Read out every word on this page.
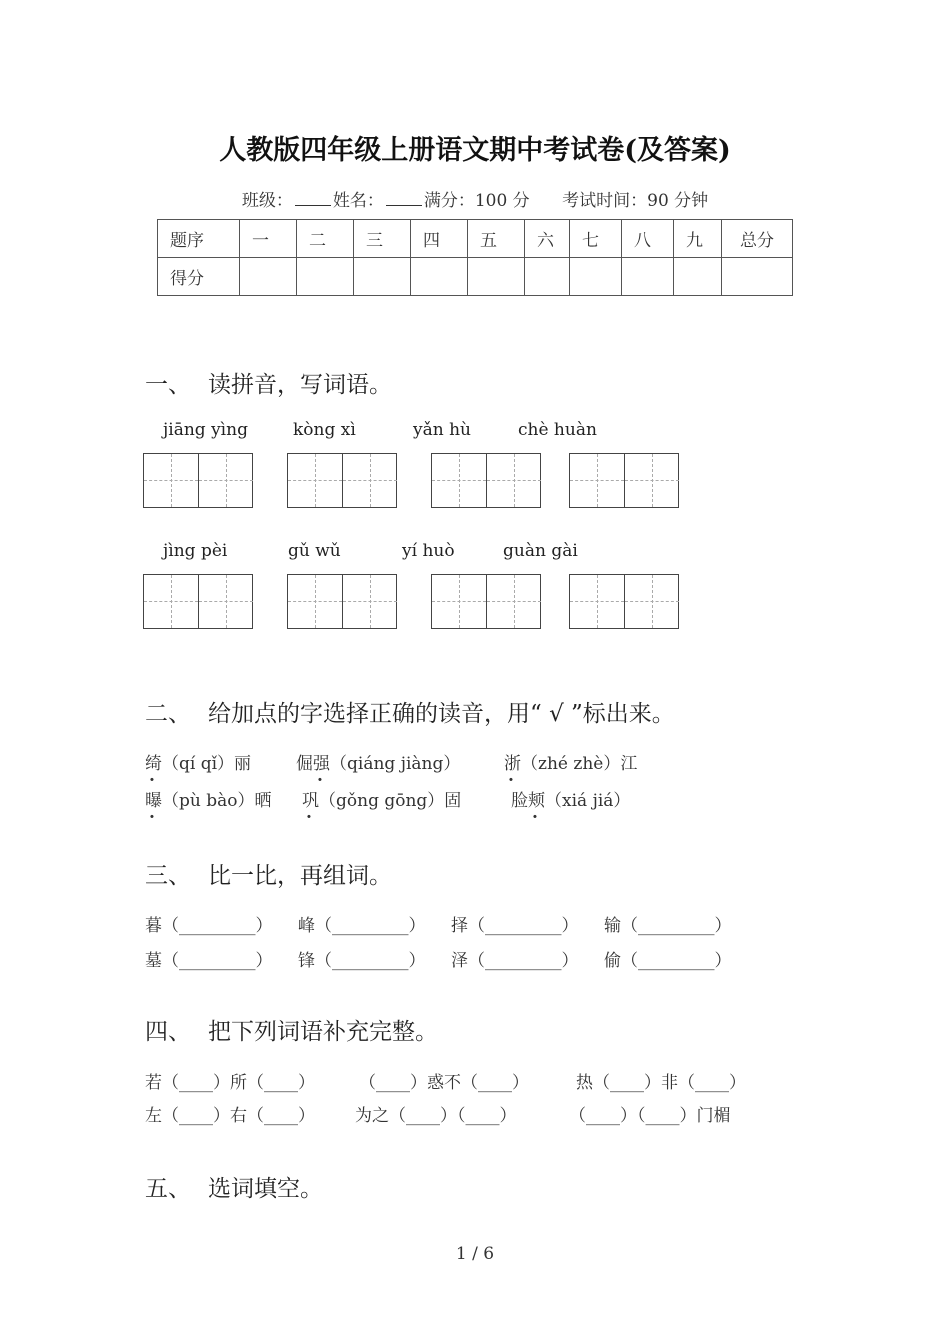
人教版四年级上册语文期中考试卷(及答案)
班级： 姓名： 满分：100 分 考试时间：90 分钟
题序	一	二	三	四	五	六	七	八	九	总分
得分										
一、 读拼音，写词语。
jiāng yìng	kòng xì	yǎn hù	chè huàn
jìng pèi	gǔ wǔ	yí huò	guàn gài
二、 给加点的字选择正确的读音，用“ √ ”标出来。
绮（qí qǐ）丽	倔强（qiáng jiàng）	浙（zhé zhè）江
曝（pù bào）晒 巩（gǒng gōng）固	脸颊（xiá jiá）
三、 比一比，再组词。
暮（_________） 峰（_________） 择（_________） 输（_________）
墓（_________） 锋（_________） 泽（_________） 偷（_________）
四、 把下列词语补充完整。
若（____）所（____）	（____）惑不（____）	热（____）非（____）
左（____）右（____） 为之（____）（____）	（____）（____）门楣
五、 选词填空。
1 / 6
